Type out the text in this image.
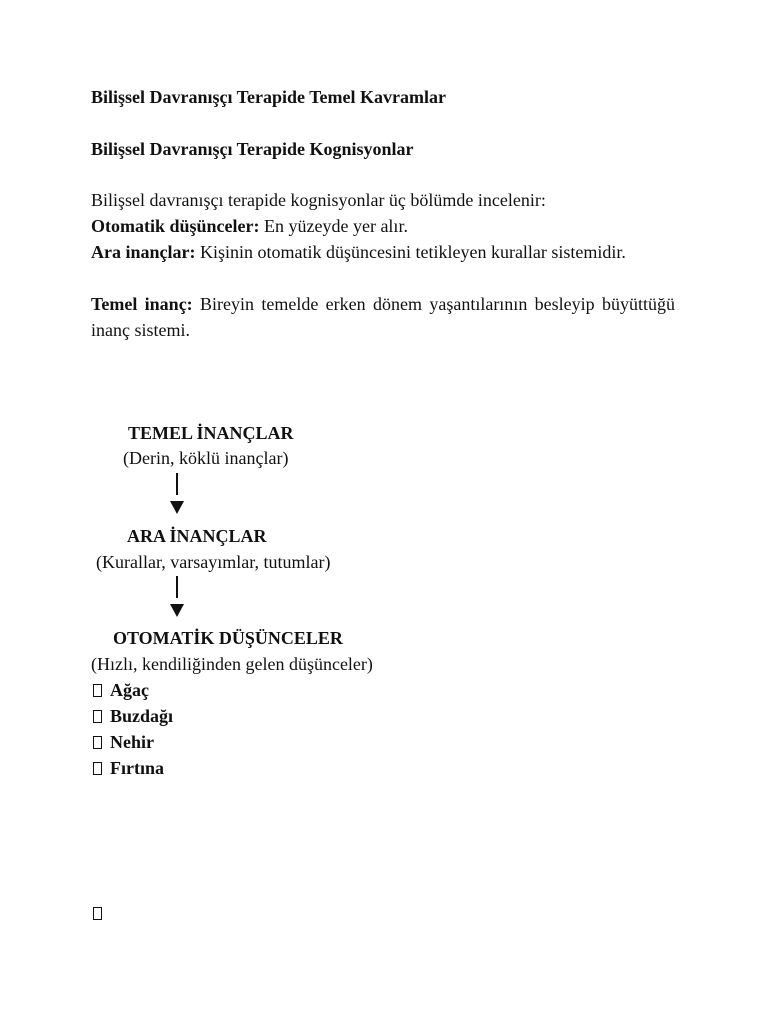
Bilişsel Davranışçı Terapide Temel Kavramlar
Bilişsel Davranışçı Terapide Kognisyonlar
Bilişsel davranışçı terapide kognisyonlar üç bölümde incelenir:
Otomatik düşünceler: En yüzeyde yer alır.
Ara inançlar: Kişinin otomatik düşüncesini tetikleyen kurallar sistemidir.
Temel inanç: Bireyin temelde erken dönem yaşantılarının besleyip büyüttüğü inanç sistemi.
TEMEL İNANÇLAR
(Derin, köklü inançlar)
ARA İNANÇLAR
(Kurallar, varsayımlar, tutumlar)
OTOMATİK DÜŞÜNCELER
(Hızlı, kendiliğinden gelen düşünceler)
Ağaç
Buzdağı
Nehir
Fırtına
